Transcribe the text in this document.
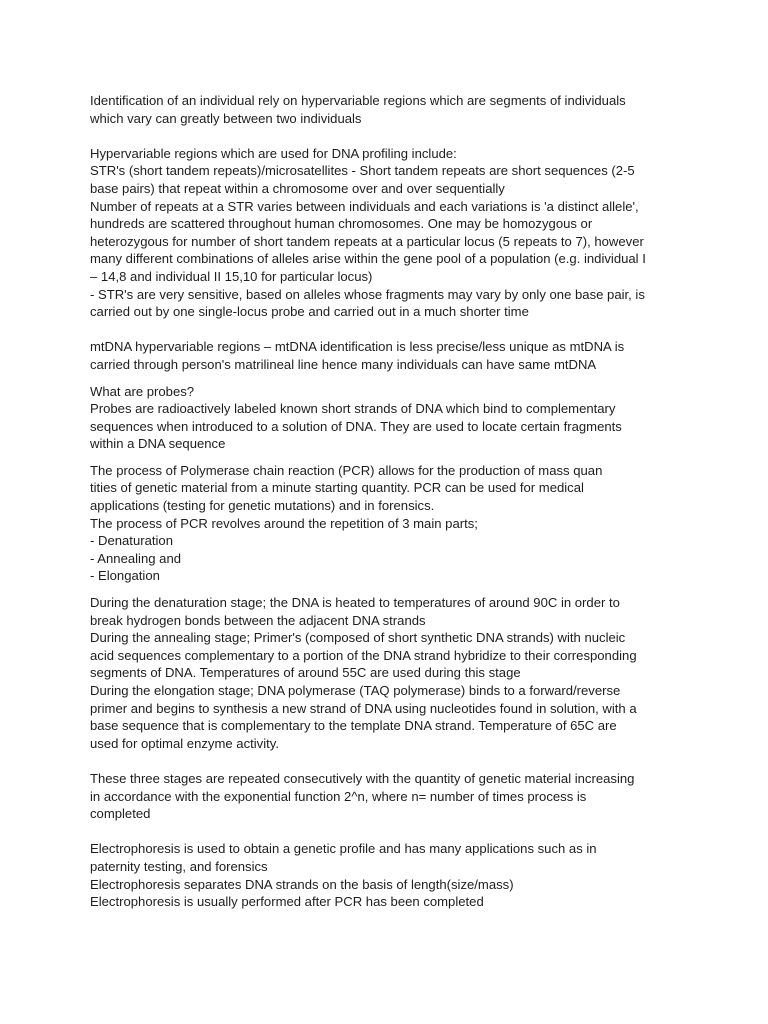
Identification of an individual rely on hypervariable regions which are segments of individuals
which vary can greatly between two individuals
Hypervariable regions which are used for DNA profiling include:
STR's (short tandem repeats)/microsatellites - Short tandem repeats are short sequences (2-5
base pairs) that repeat within a chromosome over and over sequentially
Number of repeats at a STR varies between individuals and each variations is 'a distinct allele',
hundreds are scattered throughout human chromosomes. One may be homozygous or
heterozygous for number of short tandem repeats at a particular locus (5 repeats to 7), however
many different combinations of alleles arise within the gene pool of a population (e.g. individual I
– 14,8 and individual II 15,10 for particular locus)
- STR's are very sensitive, based on alleles whose fragments may vary by only one base pair, is
carried out by one single-locus probe and carried out in a much shorter time
mtDNA hypervariable regions – mtDNA identification is less precise/less unique as mtDNA is
carried through person's matrilineal line hence many individuals can have same mtDNA
What are probes?
Probes are radioactively labeled known short strands of DNA which bind to complementary
sequences when introduced to a solution of DNA. They are used to locate certain fragments
within a DNA sequence
The process of Polymerase chain reaction (PCR) allows for the production of mass quan
tities of genetic material from a minute starting quantity. PCR can be used for medical
applications (testing for genetic mutations) and in forensics.
The process of PCR revolves around the repetition of 3 main parts;
- Denaturation
- Annealing and
- Elongation
During the denaturation stage; the DNA is heated to temperatures of around 90C in order to
break hydrogen bonds between the adjacent DNA strands
During the annealing stage; Primer's (composed of short synthetic DNA strands) with nucleic
acid sequences complementary to a portion of the DNA strand hybridize to their corresponding
segments of DNA. Temperatures of around 55C are used during this stage
During the elongation stage; DNA polymerase (TAQ polymerase) binds to a forward/reverse
primer and begins to synthesis a new strand of DNA using nucleotides found in solution, with a
base sequence that is complementary to the template DNA strand. Temperature of 65C are
used for optimal enzyme activity.
These three stages are repeated consecutively with the quantity of genetic material increasing
in accordance with the exponential function 2^n, where n= number of times process is
completed
Electrophoresis is used to obtain a genetic profile and has many applications such as in
paternity testing, and forensics
Electrophoresis separates DNA strands on the basis of length(size/mass)
Electrophoresis is usually performed after PCR has been completed
